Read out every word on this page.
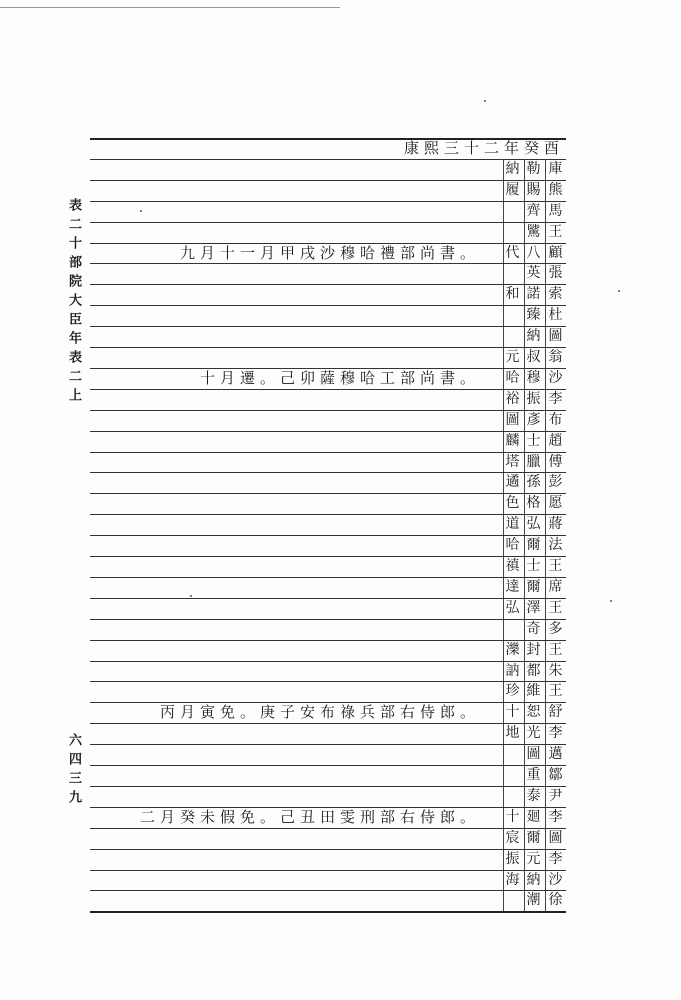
表二十部院大臣年表二上
六四三九
庫
勒
納
熊
賜
履
馬
齊
王
騭
顧
八
代
張
英
索
諾
和
杜
臻
圖
納
翁
叔
元
沙
穆
哈
李
振
裕
布
彥
圖
趙
士
麟
傅
臘
塔
彭
孫
遹
愿
格
色
蔣
弘
道
法
爾
哈
王
士
禛
席
爾
達
王
澤
弘
多
奇
王
封
濼
朱
都
訥
王
維
珍
舒
恕
十
李
光
地
邁
圖
鄒
重
尹
泰
李
廻
十
圖
爾
宸
李
元
振
沙
納
海
徐
潮
康熙三十二年癸酉
九月十一月甲戌沙穆哈禮部尚書。
十月遷。己卯薩穆哈工部尚書。
丙月寅免。庚子安布祿兵部右侍郎。
二月癸未假免。己丑田雯刑部右侍郎。
